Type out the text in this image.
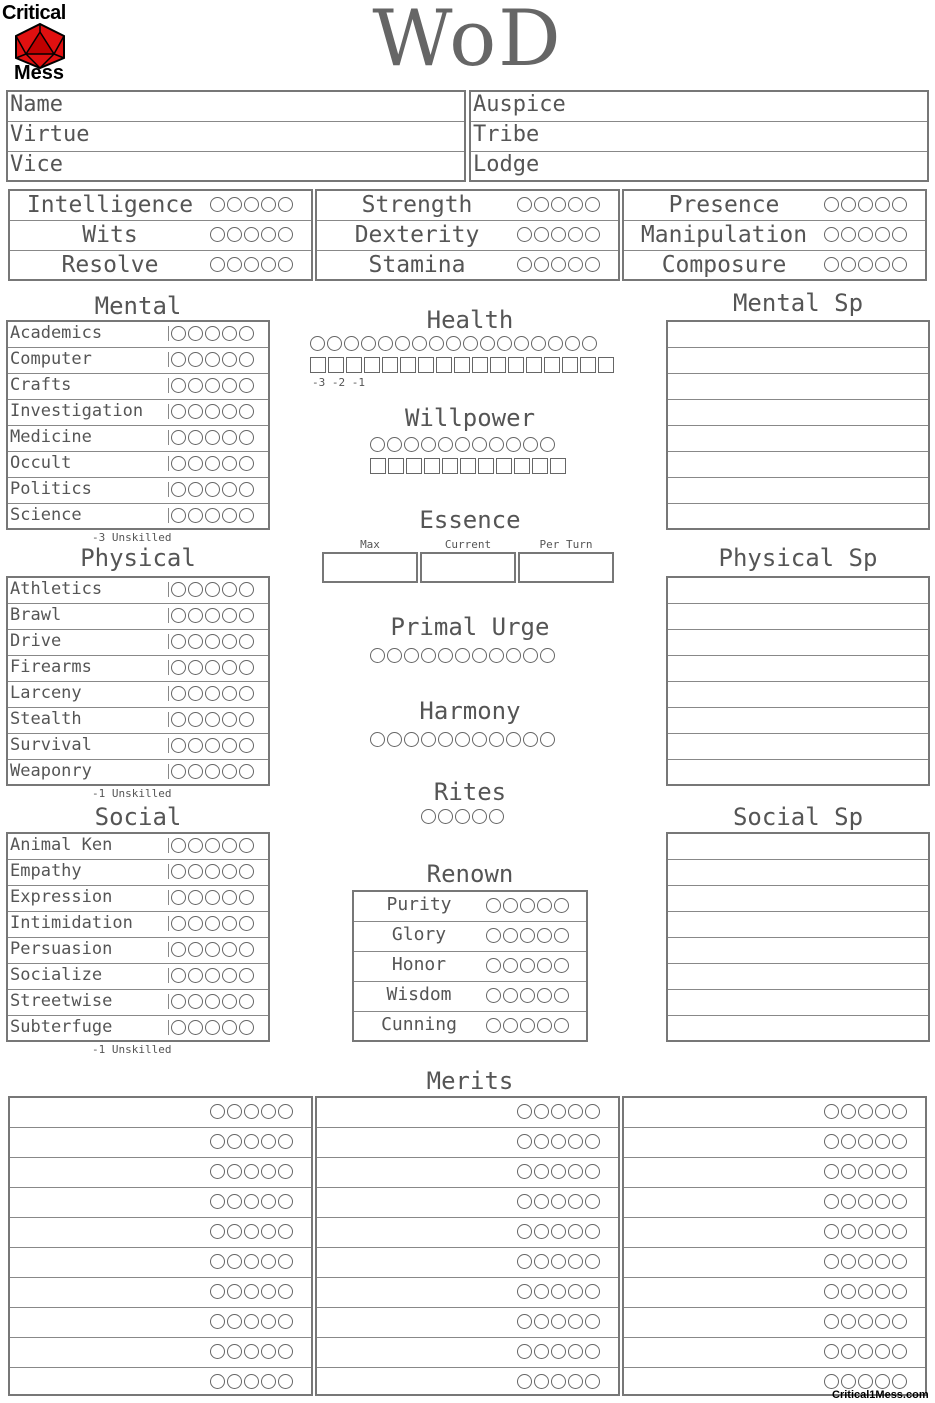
Critical
Mess	WoD
Name
Virtue
Vice
Auspice
Tribe
Lodge
Intelligence
Wits
Resolve
Strength
Dexterity
Stamina
Presence
Manipulation
Composure
Mental
Academics
Computer
Crafts
Investigation
Medicine
Occult
Politics
Science
-3 Unskilled
Physical
Athletics
Brawl
Drive
Firearms
Larceny
Stealth
Survival
Weaponry
-1 Unskilled
Social
Animal Ken
Empathy
Expression
Intimidation
Persuasion
Socialize
Streetwise
Subterfuge
-1 Unskilled
Mental Sp
Physical Sp
Social Sp
Health
-3 -2 -1
Willpower
Essence
Max	Current	Per Turn
Primal Urge
Harmony
Rites
Renown
Purity
Glory
Honor
Wisdom
Cunning
Merits
Critical1Mess.com
